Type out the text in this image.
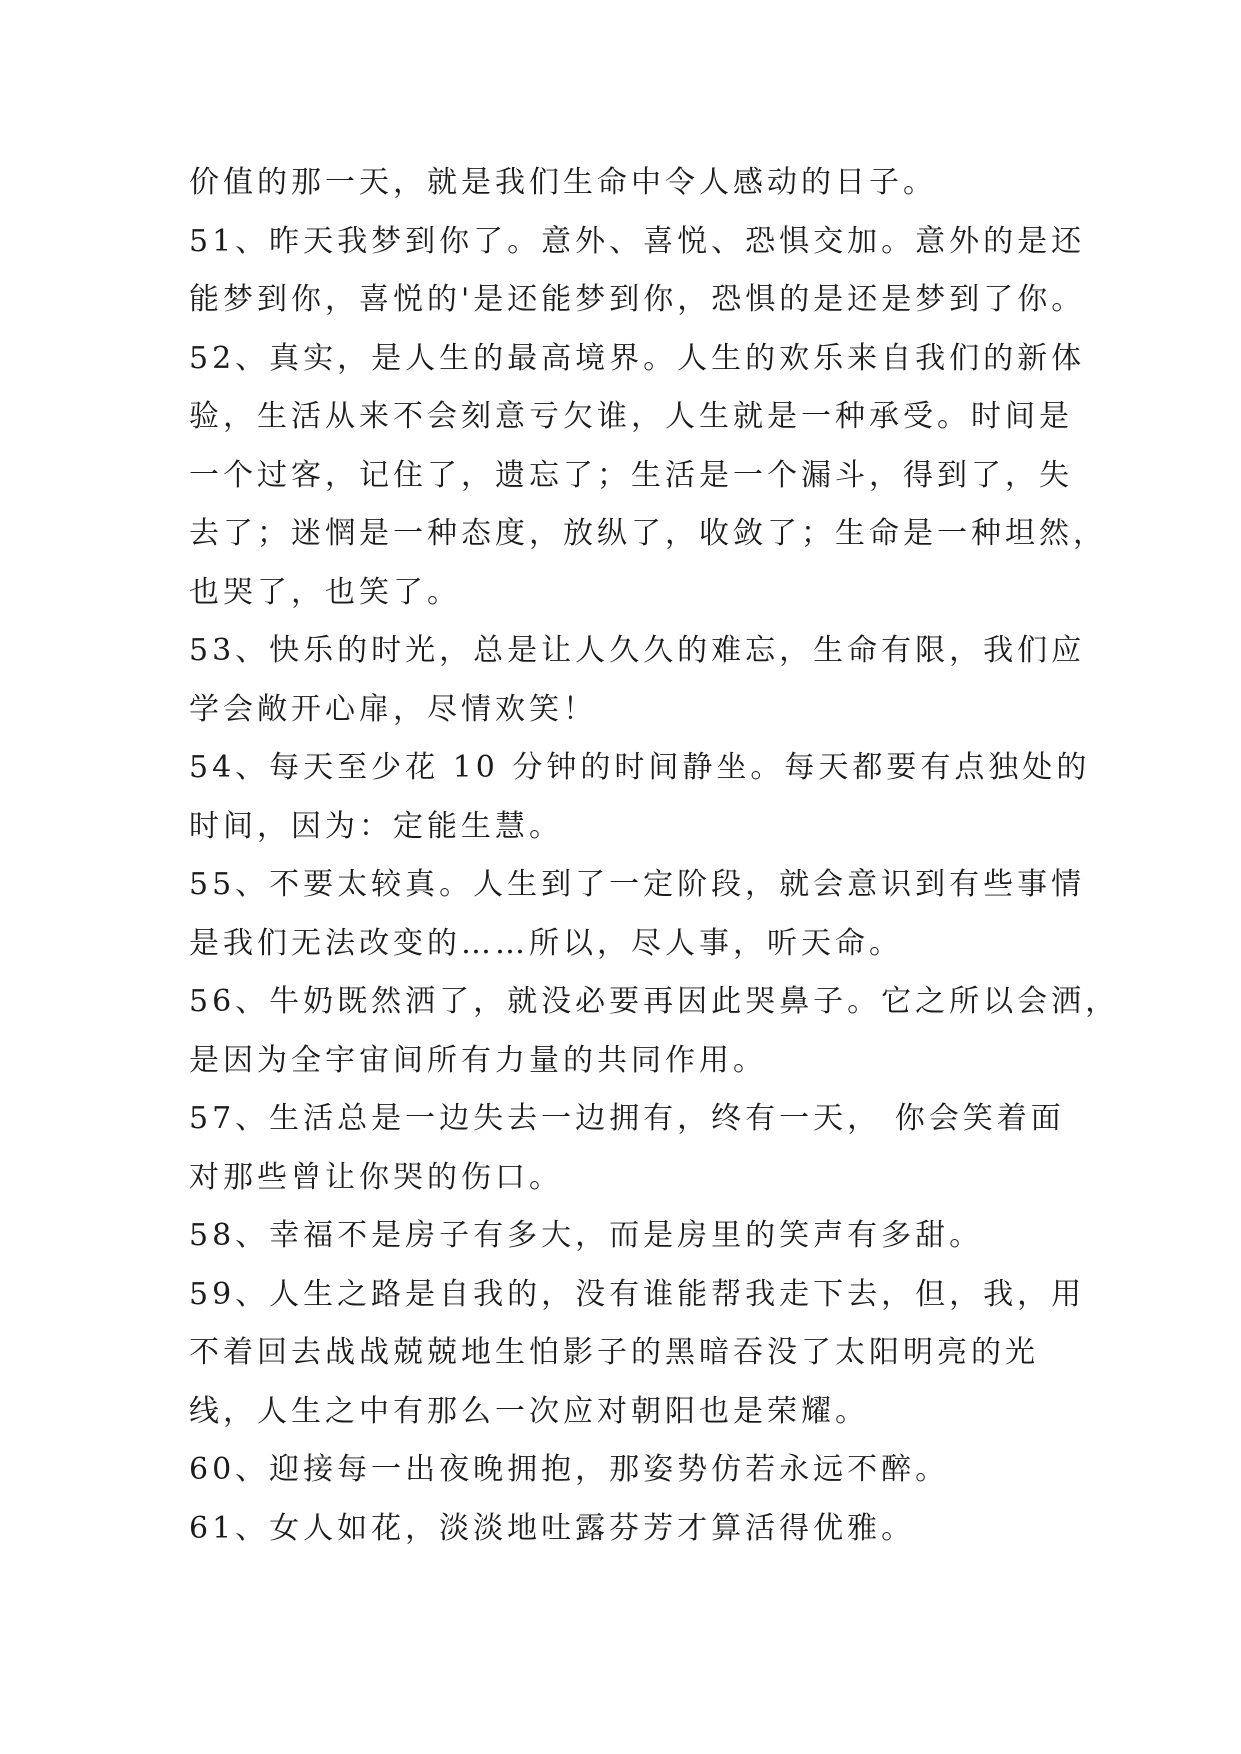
价值的那一天，就是我们生命中令人感动的日子。
51、昨天我梦到你了。意外、喜悦、恐惧交加。意外的是还
能梦到你，喜悦的'是还能梦到你，恐惧的是还是梦到了你。
52、真实，是人生的最高境界。人生的欢乐来自我们的新体
验，生活从来不会刻意亏欠谁，人生就是一种承受。时间是
一个过客，记住了，遗忘了；生活是一个漏斗，得到了，失
去了；迷惘是一种态度，放纵了，收敛了；生命是一种坦然，
也哭了，也笑了。
53、快乐的时光，总是让人久久的难忘，生命有限，我们应
学会敞开心扉，尽情欢笑！
54、每天至少花 10 分钟的时间静坐。每天都要有点独处的
时间，因为：定能生慧。
55、不要太较真。人生到了一定阶段，就会意识到有些事情
是我们无法改变的……所以，尽人事，听天命。
56、牛奶既然洒了，就没必要再因此哭鼻子。它之所以会洒，
是因为全宇宙间所有力量的共同作用。
57、生活总是一边失去一边拥有，终有一天， 你会笑着面
对那些曾让你哭的伤口。
58、幸福不是房子有多大，而是房里的笑声有多甜。
59、人生之路是自我的，没有谁能帮我走下去，但，我，用
不着回去战战兢兢地生怕影子的黑暗吞没了太阳明亮的光
线，人生之中有那么一次应对朝阳也是荣耀。
60、迎接每一出夜晚拥抱，那姿势仿若永远不醉。
61、女人如花，淡淡地吐露芬芳才算活得优雅。
